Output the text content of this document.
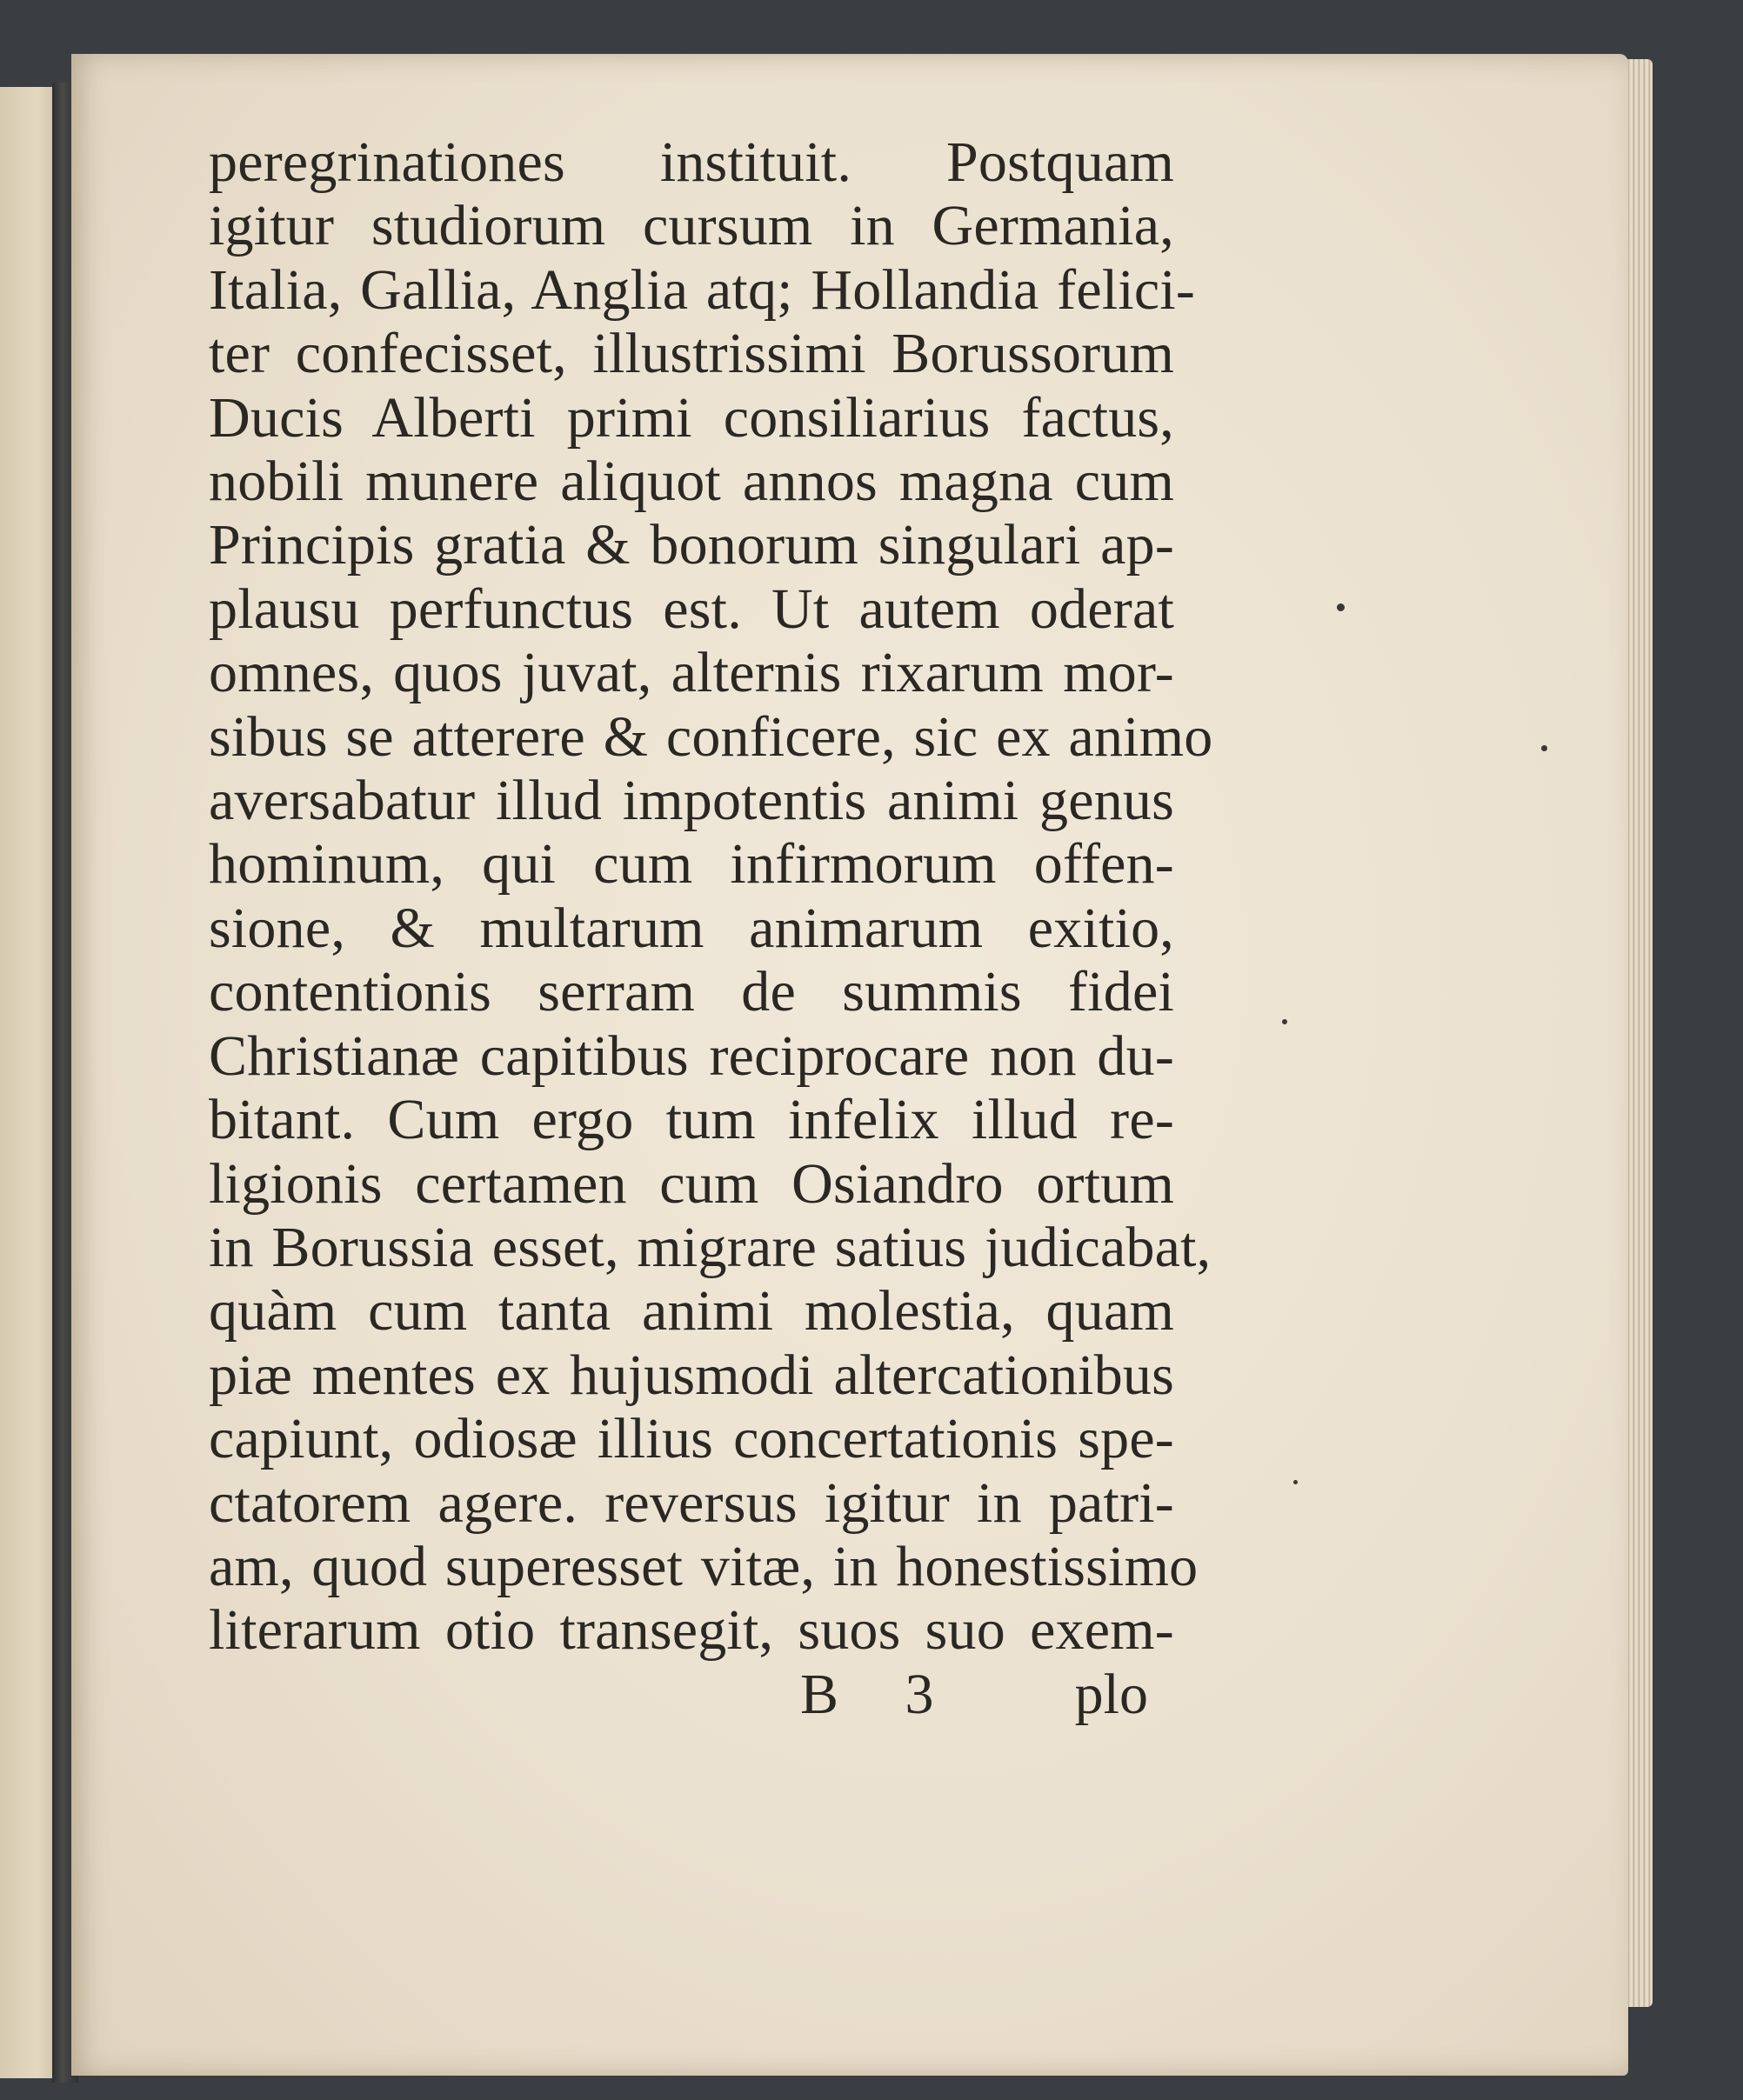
peregrinationes instituit. Postquam
igitur studiorum cursum in Germania,
Italia, Gallia, Anglia atq; Hollandia felici-
ter confecisset, illustrissimi Borussorum
Ducis Alberti primi consiliarius factus,
nobili munere aliquot annos magna cum
Principis gratia & bonorum singulari ap-
plausu perfunctus est. Ut autem oderat
omnes, quos juvat, alternis rixarum mor-
sibus se atterere & conficere, sic ex animo
aversabatur illud impotentis animi genus
hominum, qui cum infirmorum offen-
sione, & multarum animarum exitio,
contentionis serram de summis fidei
Christianæ capitibus reciprocare non du-
bitant. Cum ergo tum infelix illud re-
ligionis certamen cum Osiandro ortum
in Borussia esset, migrare satius judicabat,
quàm cum tanta animi molestia, quam
piæ mentes ex hujusmodi altercationibus
capiunt, odiosæ illius concertationis spe-
ctatorem agere. reversus igitur in patri-
am, quod superesset vitæ, in honestissimo
literarum otio transegit, suos suo exem-
B 3 plo
